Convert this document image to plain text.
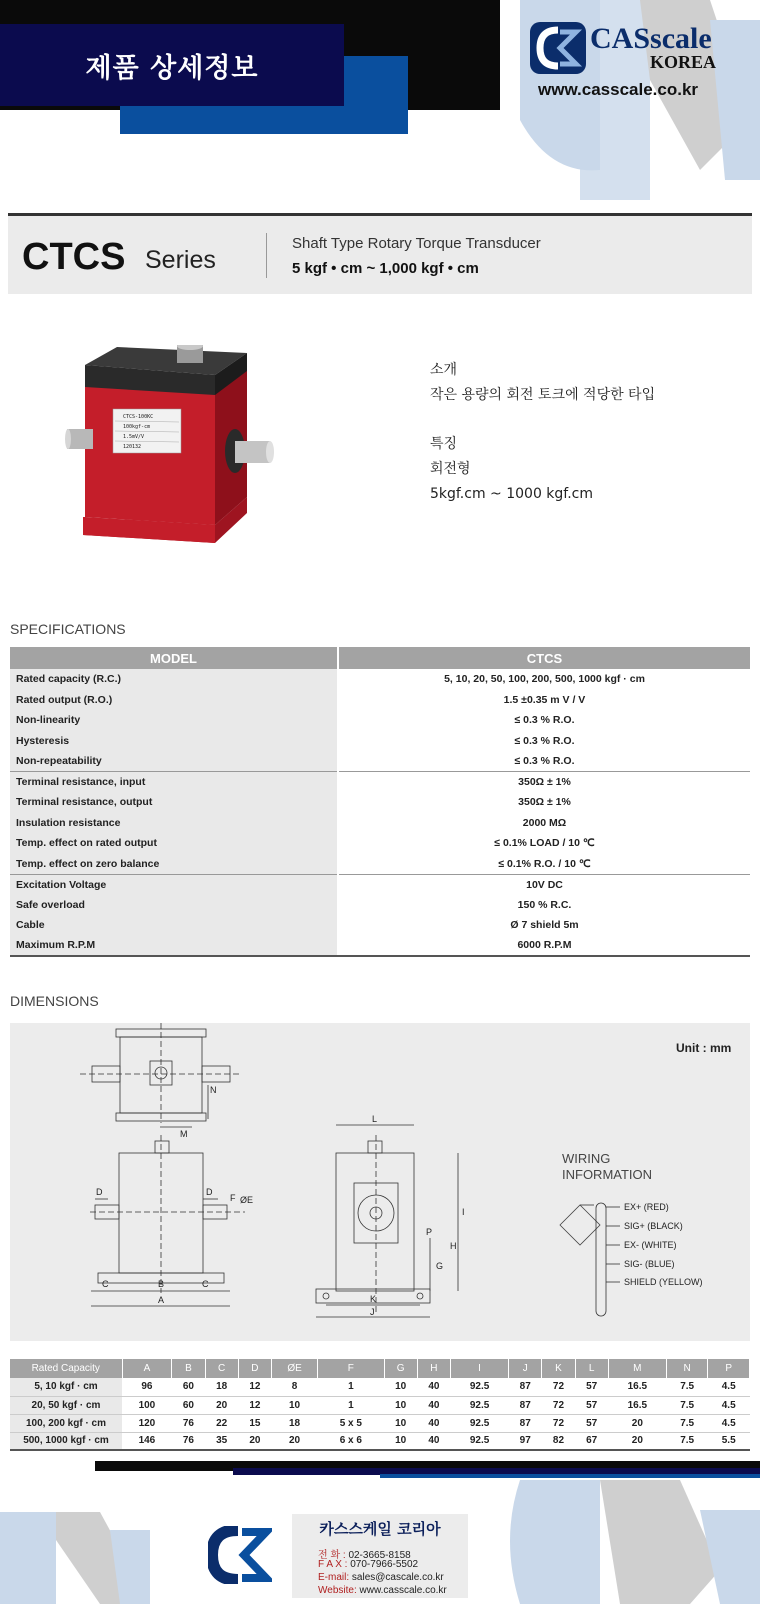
제품 상세정보
CASscale
KOREA
www.casscale.co.kr
CTCS Series
Shaft Type Rotary Torque Transducer
5 kgf • cm ~ 1,000 kgf • cm
CTCS-100KC
100kgf-cm
1.5mV/V
120132
소개
작은 용량의 회전 토크에 적당한 타입
특징
회전형
5kgf.cm ~ 1000 kgf.cm
SPECIFICATIONS
MODEL	CTCS
Rated capacity (R.C.)	5, 10, 20, 50, 100, 200, 500, 1000 kgf · cm
Rated output (R.O.)	1.5 ±0.35 m V / V
Non-linearity	≤ 0.3 % R.O.
Hysteresis	≤ 0.3 % R.O.
Non-repeatability	≤ 0.3 % R.O.
Terminal resistance, input	350Ω ± 1%
Terminal resistance, output	350Ω ± 1%
Insulation resistance	2000 MΩ
Temp. effect on rated output	≤ 0.1% LOAD / 10 ℃
Temp. effect on zero balance	≤ 0.1% R.O. / 10 ℃
Excitation Voltage	10V DC
Safe overload	150 % R.C.
Cable	Ø 7 shield 5m
Maximum R.P.M	6000 R.P.M
DIMENSIONS
Unit : mm
M
N
D	D
F ØE
C	B	C
A
L
P
H
G
I
K
J
WIRING
INFORMATION
EX+ (RED)
SIG+ (BLACK)
EX- (WHITE)
SIG- (BLUE)
SHIELD (YELLOW)
Rated Capacity	A	B	C	D	ØE	F	G	H	I	J	K	L	M	N	P
5, 10 kgf · cm	96	60	18	12	8	1	10	40	92.5	87	72	57	16.5	7.5	4.5
20, 50 kgf · cm	100	60	20	12	10	1	10	40	92.5	87	72	57	16.5	7.5	4.5
100, 200 kgf · cm	120	76	22	15	18	5 x 5	10	40	92.5	87	72	57	20	7.5	4.5
500, 1000 kgf · cm	146	76	35	20	20	6 x 6	10	40	92.5	97	82	67	20	7.5	5.5
카스스케일 코리아
전 화 : 02-3665-8158
F A X : 070-7966-5502
E-mail: sales@cascale.co.kr
Website: www.casscale.co.kr
